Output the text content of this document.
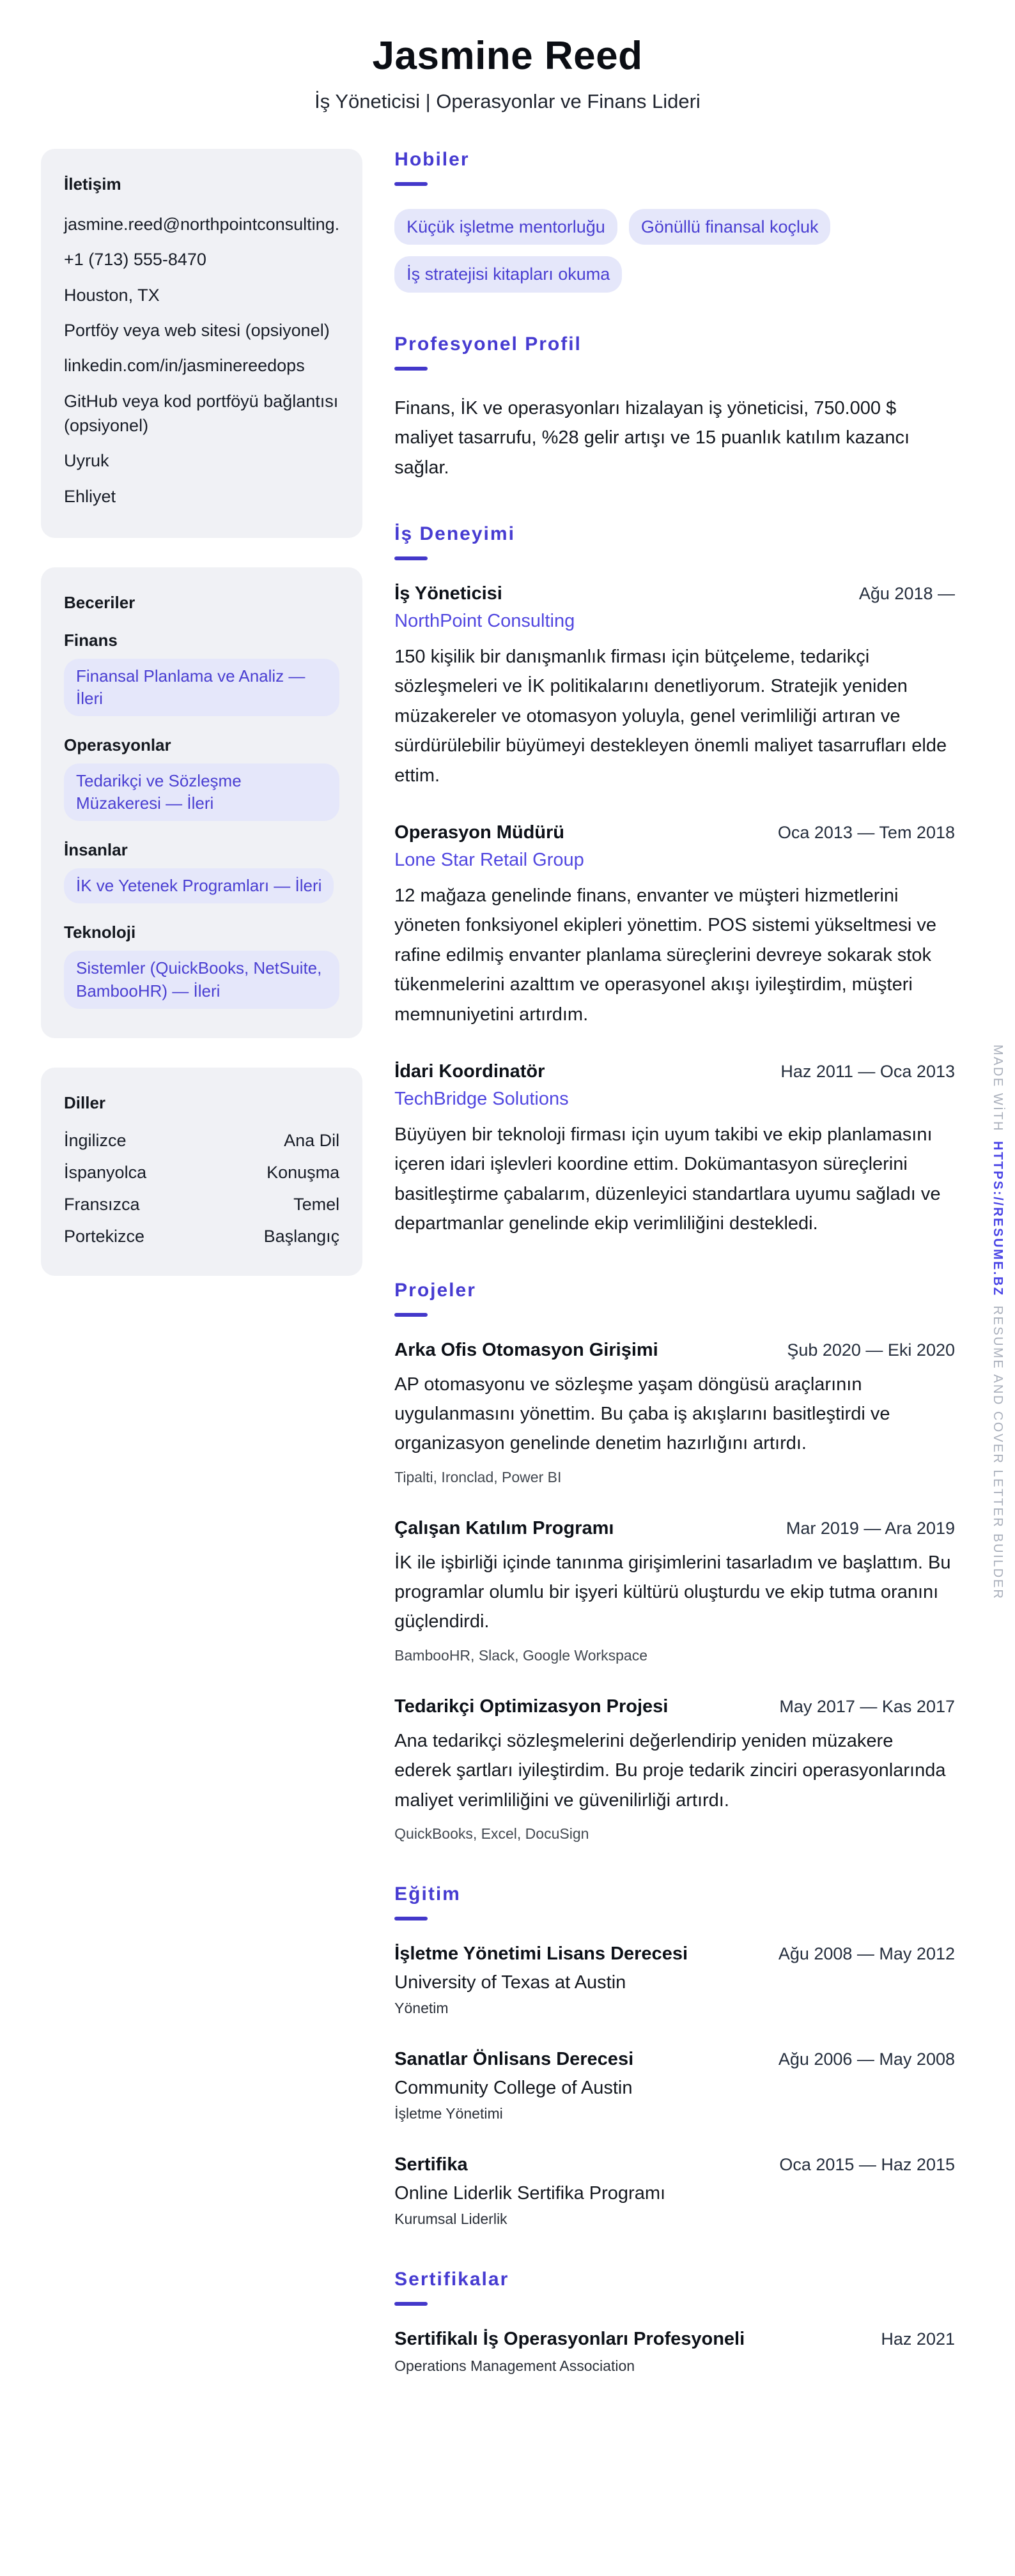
Jasmine Reed
İş Yöneticisi | Operasyonlar ve Finans Lideri
İletişim
jasmine.reed@northpointconsulting.
+1 (713) 555-8470
Houston, TX
Portföy veya web sitesi (opsiyonel)
linkedin.com/in/jasminereedops
GitHub veya kod portföyü bağlantısı (opsiyonel)
Uyruk
Ehliyet
Beceriler
Finans
Finansal Planlama ve Analiz — İleri
Operasyonlar
Tedarikçi ve Sözleşme Müzakeresi — İleri
İnsanlar
İK ve Yetenek Programları — İleri
Teknoloji
Sistemler (QuickBooks, NetSuite, BambooHR) — İleri
Diller
İngilizce	Ana Dil
İspanyolca	Konuşma
Fransızca	Temel
Portekizce	Başlangıç
Hobiler
Küçük işletme mentorluğu	Gönüllü finansal koçluk
İş stratejisi kitapları okuma
Profesyonel Profil

Finans, İK ve operasyonları hizalayan iş yöneticisi, 750.000 $ maliyet tasarrufu, %28 gelir artışı ve 15 puanlık katılım kazancı sağlar.

İş Deneyimi
İş Yöneticisi	Ağu 2018 —
NorthPoint Consulting

150 kişilik bir danışmanlık firması için bütçeleme, tedarikçi sözleşmeleri ve İK politikalarını denetliyorum. Stratejik yeniden müzakereler ve otomasyon yoluyla, genel verimliliği artıran ve sürdürülebilir büyümeyi destekleyen önemli maliyet tasarrufları elde ettim.

Operasyon Müdürü	Oca 2013 — Tem 2018
Lone Star Retail Group

12 mağaza genelinde finans, envanter ve müşteri hizmetlerini yöneten fonksiyonel ekipleri yönettim. POS sistemi yükseltmesi ve rafine edilmiş envanter planlama süreçlerini devreye sokarak stok tükenmelerini azalttım ve operasyonel akışı iyileştirdim, müşteri memnuniyetini artırdım.

İdari Koordinatör	Haz 2011 — Oca 2013
TechBridge Solutions

Büyüyen bir teknoloji firması için uyum takibi ve ekip planlamasını içeren idari işlevleri koordine ettim. Dokümantasyon süreçlerini basitleştirme çabalarım, düzenleyici standartlara uyumu sağladı ve departmanlar genelinde ekip verimliliğini destekledi.

Projeler
Arka Ofis Otomasyon Girişimi	Şub 2020 — Eki 2020

AP otomasyonu ve sözleşme yaşam döngüsü araçlarının uygulanmasını yönettim. Bu çaba iş akışlarını basitleştirdi ve organizasyon genelinde denetim hazırlığını artırdı.

Tipalti, Ironclad, Power BI
Çalışan Katılım Programı	Mar 2019 — Ara 2019

İK ile işbirliği içinde tanınma girişimlerini tasarladım ve başlattım. Bu programlar olumlu bir işyeri kültürü oluşturdu ve ekip tutma oranını güçlendirdi.

BambooHR, Slack, Google Workspace
Tedarikçi Optimizasyon Projesi	May 2017 — Kas 2017

Ana tedarikçi sözleşmelerini değerlendirip yeniden müzakere ederek şartları iyileştirdim. Bu proje tedarik zinciri operasyonlarında maliyet verimliliğini ve güvenilirliği artırdı.

QuickBooks, Excel, DocuSign
Eğitim
İşletme Yönetimi Lisans Derecesi	Ağu 2008 — May 2012
University of Texas at Austin
Yönetim
Sanatlar Önlisans Derecesi	Ağu 2006 — May 2008
Community College of Austin
İşletme Yönetimi
Sertifika	Oca 2015 — Haz 2015
Online Liderlik Sertifika Programı
Kurumsal Liderlik
Sertifikalar
Sertifikalı İş Operasyonları Profesyoneli	Haz 2021
Operations Management Association
MADE WİTHHTTPS://RESUME.BZRESUME AND COVER LETTER BUILDER
